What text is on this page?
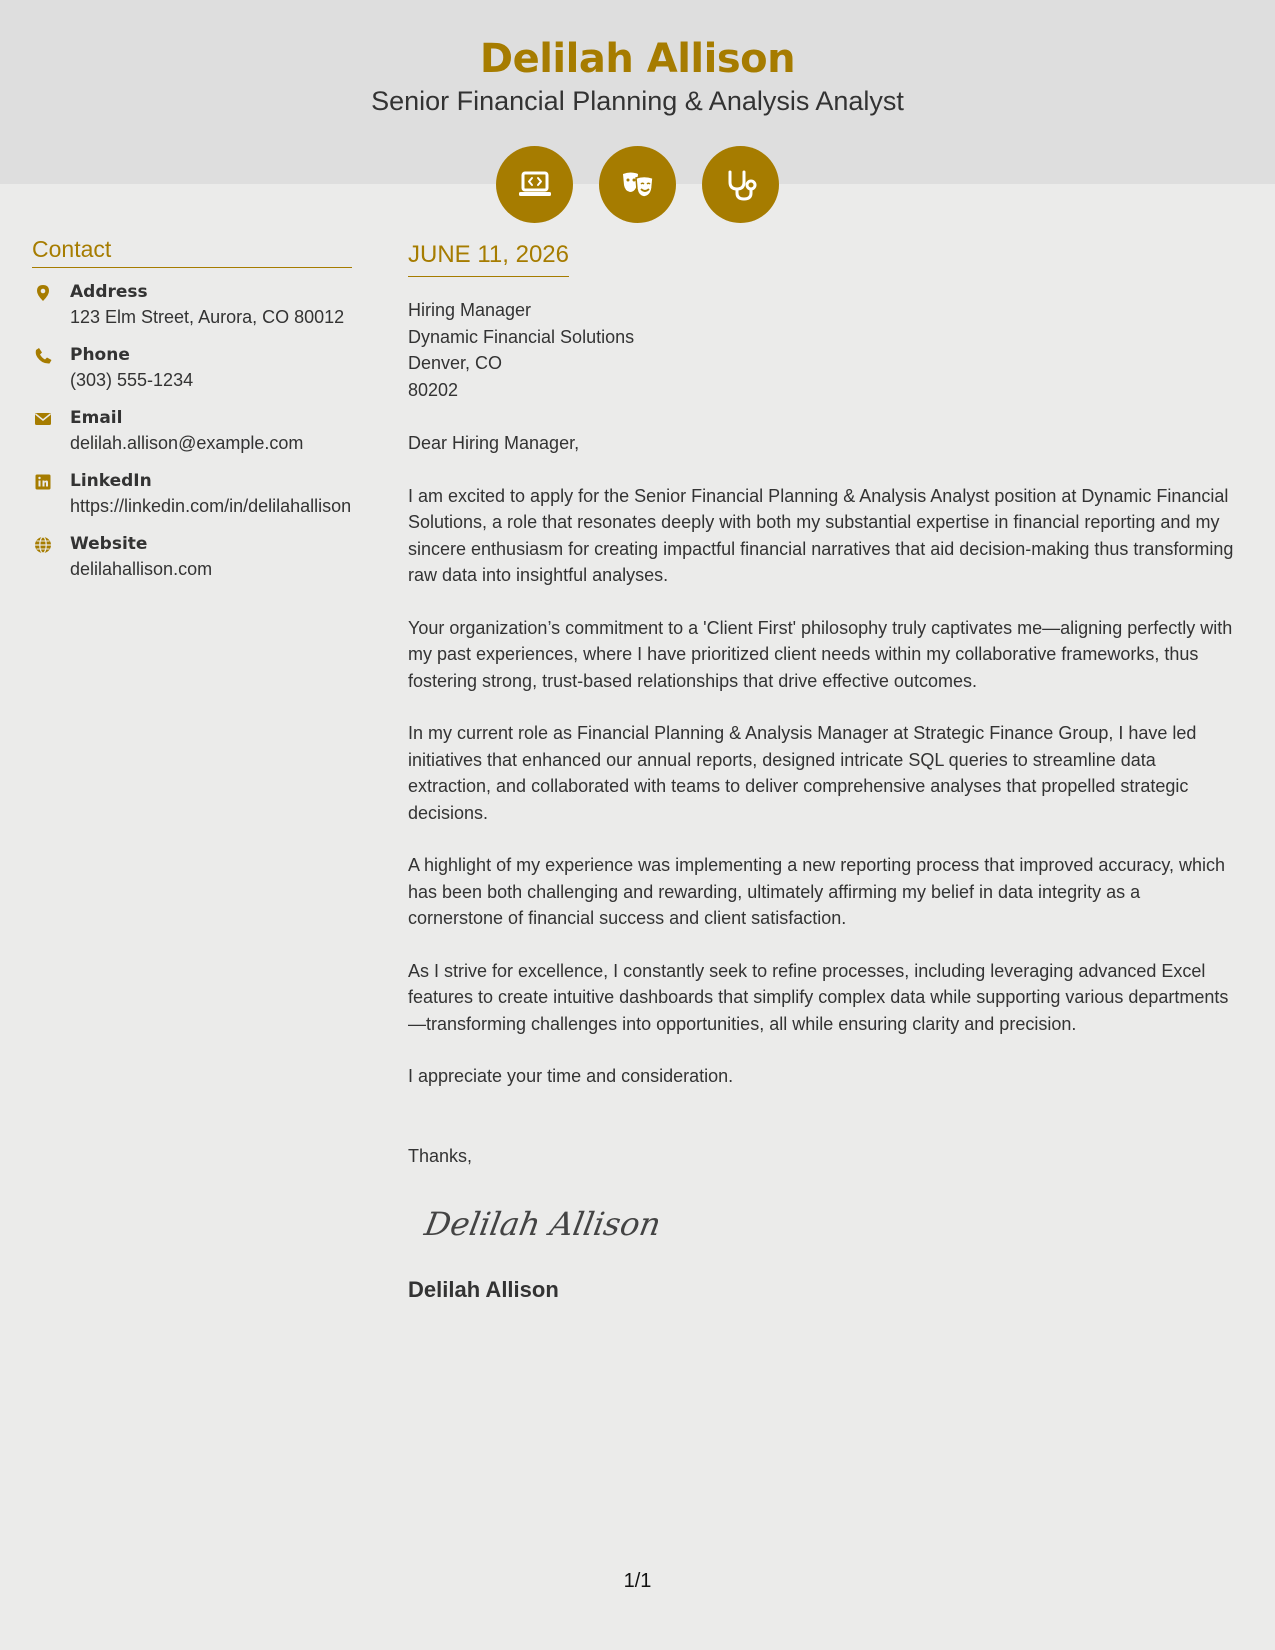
Delilah Allison
Senior Financial Planning & Analysis Analyst
Contact
Address
123 Elm Street, Aurora, CO 80012
Phone
(303) 555-1234
Email
delilah.allison@example.com
LinkedIn
https://linkedin.com/in/delilahallison
Website
delilahallison.com
JUNE 11, 2026
Hiring Manager
Dynamic Financial Solutions
Denver, CO
80202
Dear Hiring Manager,
I am excited to apply for the Senior Financial Planning & Analysis Analyst position at Dynamic Financial Solutions, a role that resonates deeply with both my substantial expertise in financial reporting and my sincere enthusiasm for creating impactful financial narratives that aid decision-making thus transforming raw data into insightful analyses.
Your organization’s commitment to a 'Client First' philosophy truly captivates me—aligning perfectly with my past experiences, where I have prioritized client needs within my collaborative frameworks, thus fostering strong, trust-based relationships that drive effective outcomes.
In my current role as Financial Planning & Analysis Manager at Strategic Finance Group, I have led initiatives that enhanced our annual reports, designed intricate SQL queries to streamline data extraction, and collaborated with teams to deliver comprehensive analyses that propelled strategic decisions.
A highlight of my experience was implementing a new reporting process that improved accuracy, which has been both challenging and rewarding, ultimately affirming my belief in data integrity as a cornerstone of financial success and client satisfaction.
As I strive for excellence, I constantly seek to refine processes, including leveraging advanced Excel features to create intuitive dashboards that simplify complex data while supporting various departments—transforming challenges into opportunities, all while ensuring clarity and precision.
I appreciate your time and consideration.
Thanks,
Delilah Allison
Delilah Allison
1/1
